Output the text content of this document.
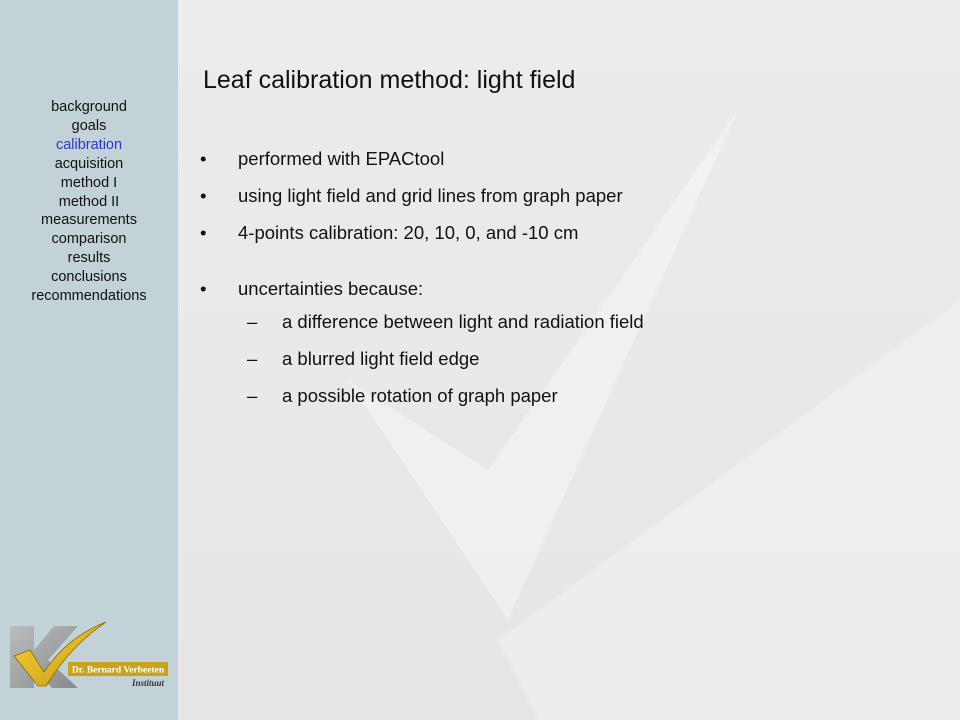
background
goals
calibration
acquisition
method I
method II
measurements
comparison
results
conclusions
recommendations
Dr. Bernard Verbeeten
Instituut
Leaf calibration method: light field
• performed with EPACtool
• using light field and grid lines from graph paper
• 4-points calibration: 20, 10, 0, and -10 cm
• uncertainties because:
– a difference between light and radiation field
– a blurred light field edge
– a possible rotation of graph paper
